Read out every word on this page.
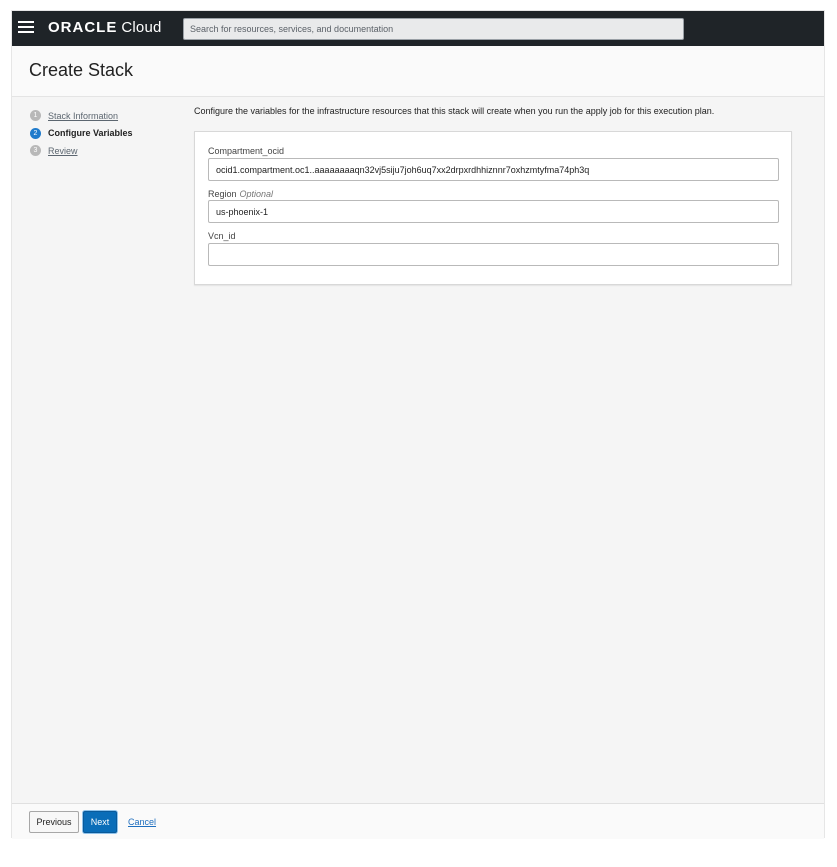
ORACLE Cloud
Search for resources, services, and documentation
Create Stack
1	Stack Information
2	Configure Variables
3	Review
Configure the variables for the infrastructure resources that this stack will create when you run the apply job for this execution plan.
Compartment_ocid
ocid1.compartment.oc1..aaaaaaaaqn32vj5siju7joh6uq7xx2drpxrdhhiznnr7oxhzmtyfma74ph3q
Region Optional
us-phoenix-1
Vcn_id
Previous	Next	Cancel
